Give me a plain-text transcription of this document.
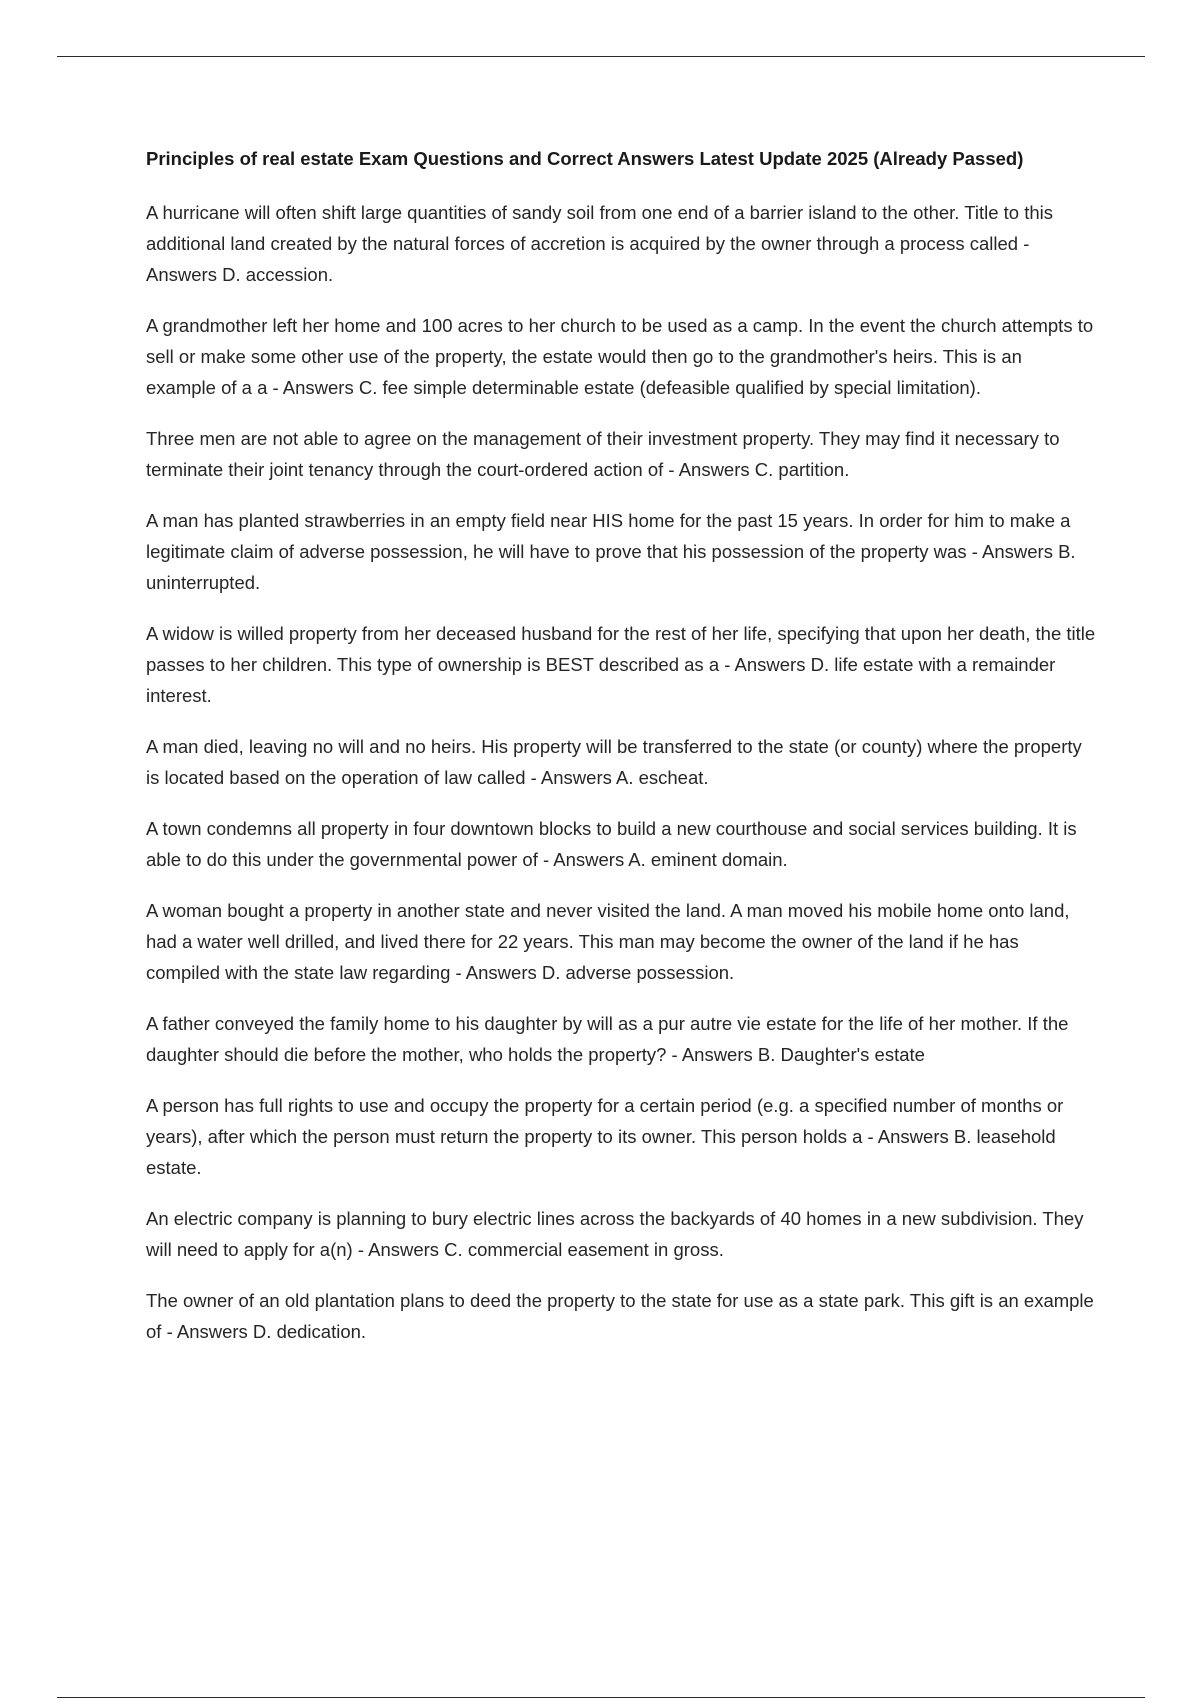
Principles of real estate Exam Questions and Correct Answers Latest Update 2025 (Already Passed)

A hurricane will often shift large quantities of sandy soil from one end of a barrier island to the other. Title to this additional land created by the natural forces of accretion is acquired by the owner through a process called - Answers D. accession.

A grandmother left her home and 100 acres to her church to be used as a camp. In the event the church attempts to sell or make some other use of the property, the estate would then go to the grandmother's heirs. This is an example of a a - Answers C. fee simple determinable estate (defeasible qualified by special limitation).

Three men are not able to agree on the management of their investment property. They may find it necessary to terminate their joint tenancy through the court-ordered action of - Answers C. partition.

A man has planted strawberries in an empty field near HIS home for the past 15 years. In order for him to make a legitimate claim of adverse possession, he will have to prove that his possession of the property was - Answers B. uninterrupted.

A widow is willed property from her deceased husband for the rest of her life, specifying that upon her death, the title passes to her children. This type of ownership is BEST described as a - Answers D. life estate with a remainder interest.

A man died, leaving no will and no heirs. His property will be transferred to the state (or county) where the property is located based on the operation of law called - Answers A. escheat.

A town condemns all property in four downtown blocks to build a new courthouse and social services building. It is able to do this under the governmental power of - Answers A. eminent domain.

A woman bought a property in another state and never visited the land. A man moved his mobile home onto land, had a water well drilled, and lived there for 22 years. This man may become the owner of the land if he has compiled with the state law regarding - Answers D. adverse possession.

A father conveyed the family home to his daughter by will as a pur autre vie estate for the life of her mother. If the daughter should die before the mother, who holds the property? - Answers B. Daughter's estate

A person has full rights to use and occupy the property for a certain period (e.g. a specified number of months or years), after which the person must return the property to its owner. This person holds a - Answers B. leasehold estate.

An electric company is planning to bury electric lines across the backyards of 40 homes in a new subdivision. They will need to apply for a(n) - Answers C. commercial easement in gross.

The owner of an old plantation plans to deed the property to the state for use as a state park. This gift is an example of - Answers D. dedication.
